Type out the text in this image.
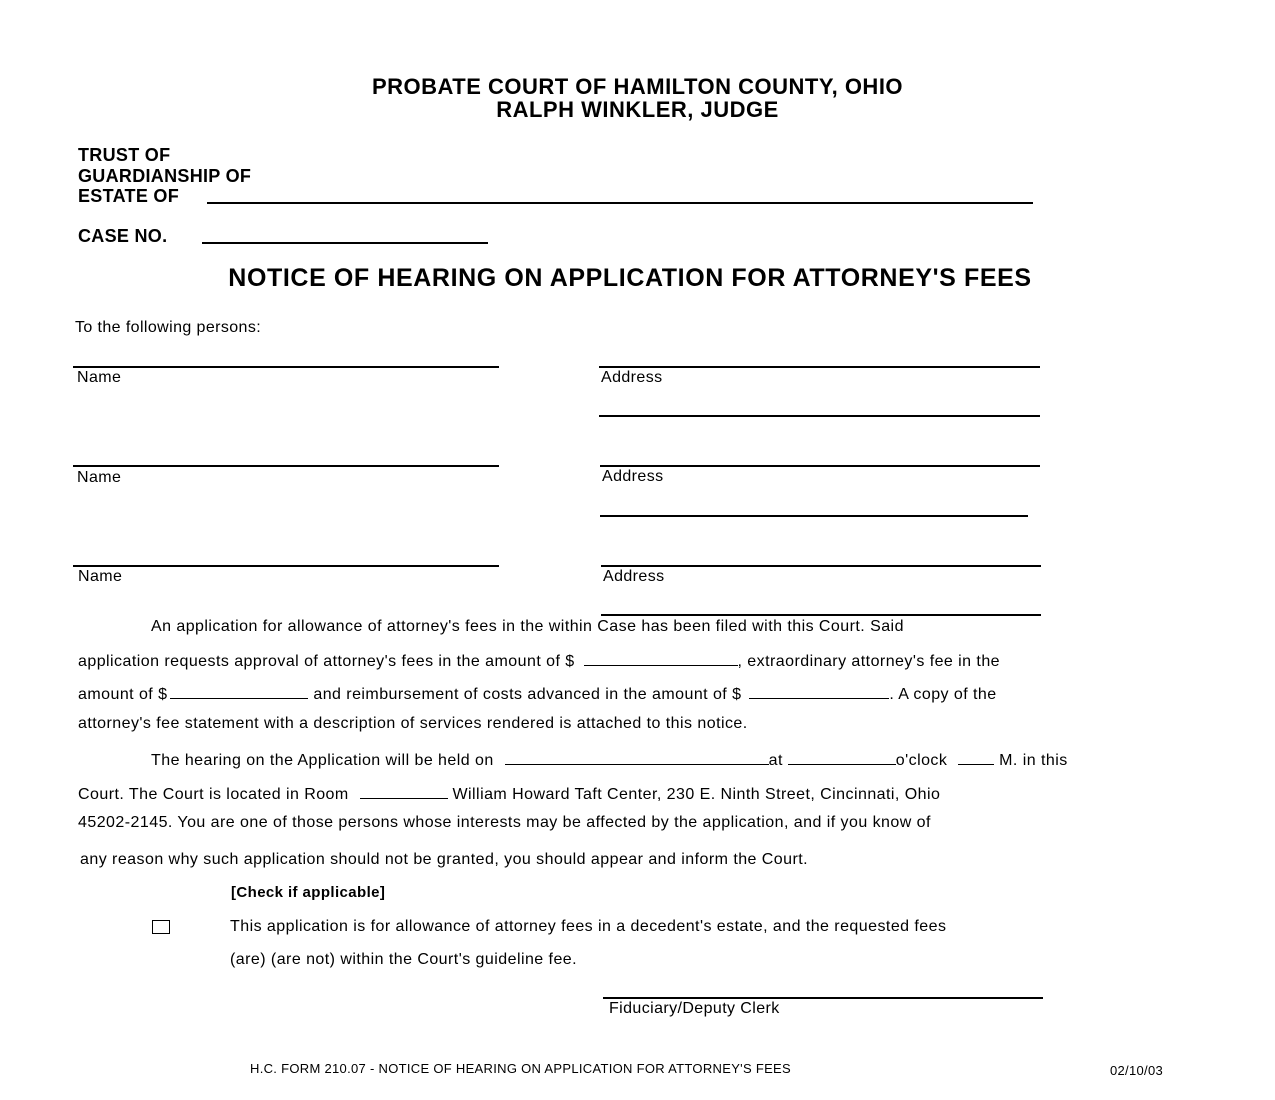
PROBATE COURT OF HAMILTON COUNTY, OHIO
RALPH WINKLER, JUDGE
TRUST OF
GUARDIANSHIP OF
ESTATE OF
CASE NO.
NOTICE OF HEARING ON APPLICATION FOR ATTORNEY'S FEES
To the following persons:
Name	Address
Name	Address
Name	Address
An application for allowance of attorney's fees in the within Case has been filed with this Court. Said
application requests approval of attorney's fees in the amount of $	, extraordinary attorney's fee in the
amount of $	and reimbursement of costs advanced in the amount of $	. A copy of the
attorney's fee statement with a description of services rendered is attached to this notice.
The hearing on the Application will be held on	at	o'clock	M. in this
Court. The Court is located in Room	William Howard Taft Center, 230 E. Ninth Street, Cincinnati, Ohio
45202-2145. You are one of those persons whose interests may be affected by the application, and if you know of
any reason why such application should not be granted, you should appear and inform the Court.
[Check if applicable]
This application is for allowance of attorney fees in a decedent's estate, and the requested fees
(are) (are not) within the Court's guideline fee.
Fiduciary/Deputy Clerk
H.C. FORM 210.07 - NOTICE OF HEARING ON APPLICATION FOR ATTORNEY'S FEES	02/10/03
